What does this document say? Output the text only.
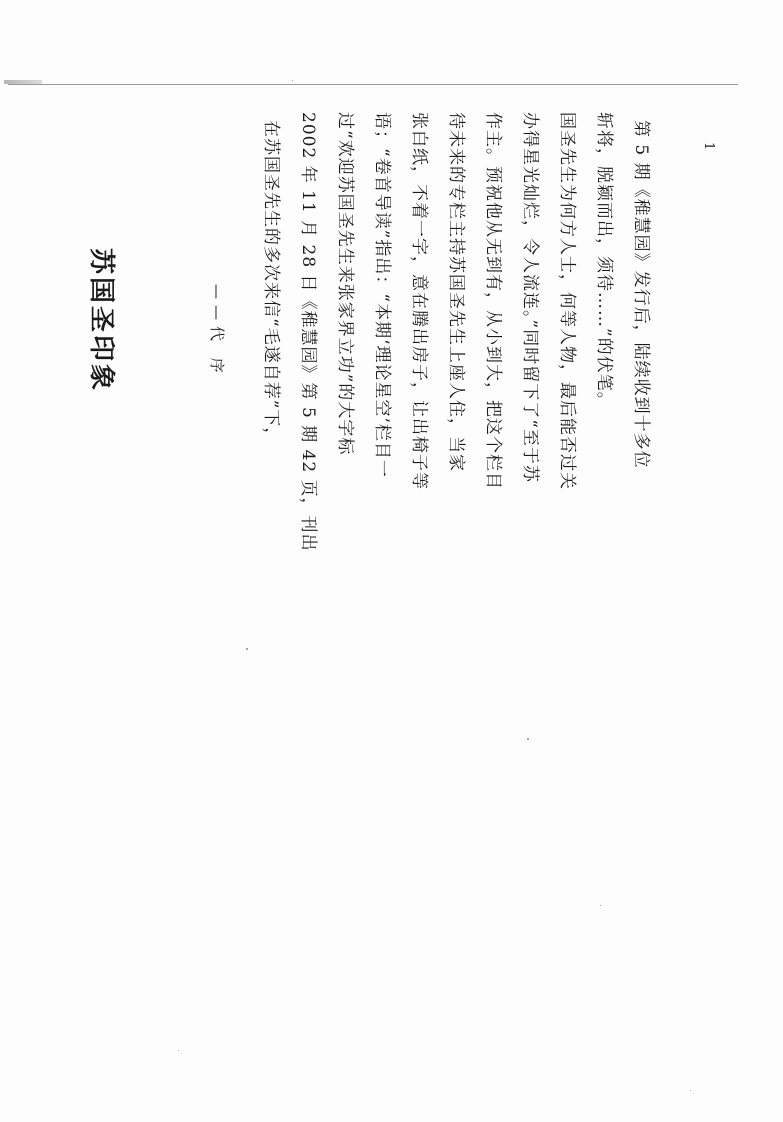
苏国圣印象	——代 序 在苏国圣先生的多次来信“毛遂自荐”下， 2002 年 11 月 28 日《稚慧园》第 5 期 42 页，刊出 过“欢迎苏国圣先生来张家界立功”的大字标 语；“卷首导读”指出：“本期‘理论星空’栏目一 张白纸，不着一字，意在腾出房子，让出椅子等 待未来的专栏主持苏国圣先生上座人住，当家 作主。预祝他从无到有，从小到大，把这个栏目 办得星光灿烂，令人流连。”同时留下了“至于苏 国圣先生为何方人士，何等人物，最后能否过关 斩将，脱颖而出，须待……”的伏笔。 第 5 期《稚慧园》发行后，陆续收到十多位	1
